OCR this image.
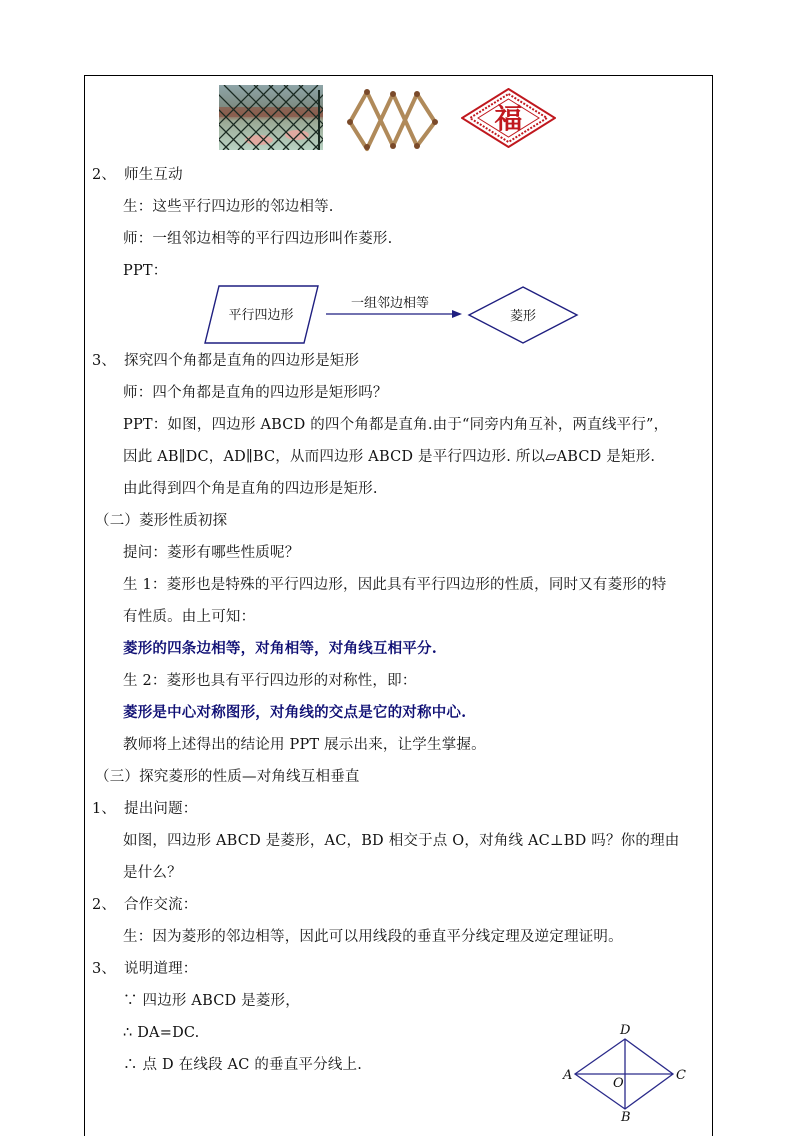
福
2、 师生互动
生：这些平行四边形的邻边相等.
师：一组邻边相等的平行四边形叫作菱形.
PPT：
平行四边形
一组邻边相等
菱形
3、 探究四个角都是直角的四边形是矩形
师：四个角都是直角的四边形是矩形吗？
PPT：如图，四边形 ABCD 的四个角都是直角.由于“同旁内角互补，两直线平行”，
因此 AB∥DC，AD∥BC，从而四边形 ABCD 是平行四边形. 所以▱ABCD 是矩形.
由此得到四个角是直角的四边形是矩形.
（二）菱形性质初探
提问：菱形有哪些性质呢？
生 1：菱形也是特殊的平行四边形，因此具有平行四边形的性质，同时又有菱形的特
有性质。由上可知：
菱形的四条边相等，对角相等，对角线互相平分.
生 2：菱形也具有平行四边形的对称性，即：
菱形是中心对称图形，对角线的交点是它的对称中心.
教师将上述得出的结论用 PPT 展示出来，让学生掌握。
（三）探究菱形的性质—对角线互相垂直
1、 提出问题：
如图，四边形 ABCD 是菱形，AC，BD 相交于点 O，对角线 AC⊥BD 吗？你的理由
是什么？
2、 合作交流：
生：因为菱形的邻边相等，因此可以用线段的垂直平分线定理及逆定理证明。
3、 说明道理：
∵ 四边形 ABCD 是菱形，
∴ DA=DC.
∴ 点 D 在线段 AC 的垂直平分线上.
D
A	C
B
O
